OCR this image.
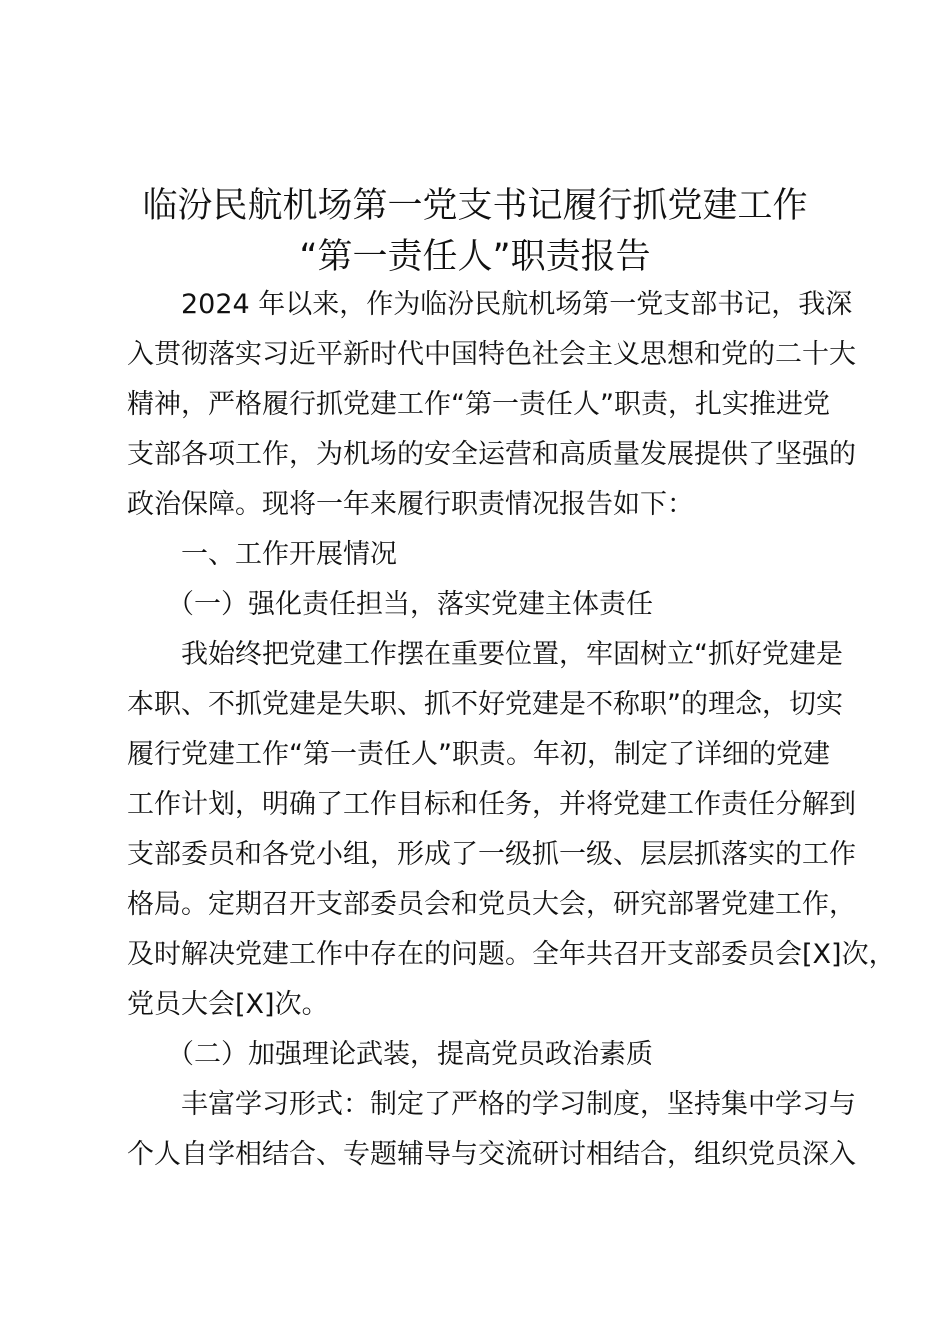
临汾民航机场第一党支书记履行抓党建工作
“第一责任人”职责报告
2024 年以来，作为临汾民航机场第一党支部书记，我深
入贯彻落实习近平新时代中国特色社会主义思想和党的二十大
精神，严格履行抓党建工作“第一责任人”职责，扎实推进党
支部各项工作，为机场的安全运营和高质量发展提供了坚强的
政治保障。现将一年来履行职责情况报告如下：
一、工作开展情况
（一）强化责任担当，落实党建主体责任
我始终把党建工作摆在重要位置，牢固树立“抓好党建是
本职、不抓党建是失职、抓不好党建是不称职”的理念，切实
履行党建工作“第一责任人”职责。年初，制定了详细的党建
工作计划，明确了工作目标和任务，并将党建工作责任分解到
支部委员和各党小组，形成了一级抓一级、层层抓落实的工作
格局。定期召开支部委员会和党员大会，研究部署党建工作，
及时解决党建工作中存在的问题。全年共召开支部委员会[X]次，
党员大会[X]次。
（二）加强理论武装，提高党员政治素质
丰富学习形式：制定了严格的学习制度，坚持集中学习与
个人自学相结合、专题辅导与交流研讨相结合，组织党员深入
